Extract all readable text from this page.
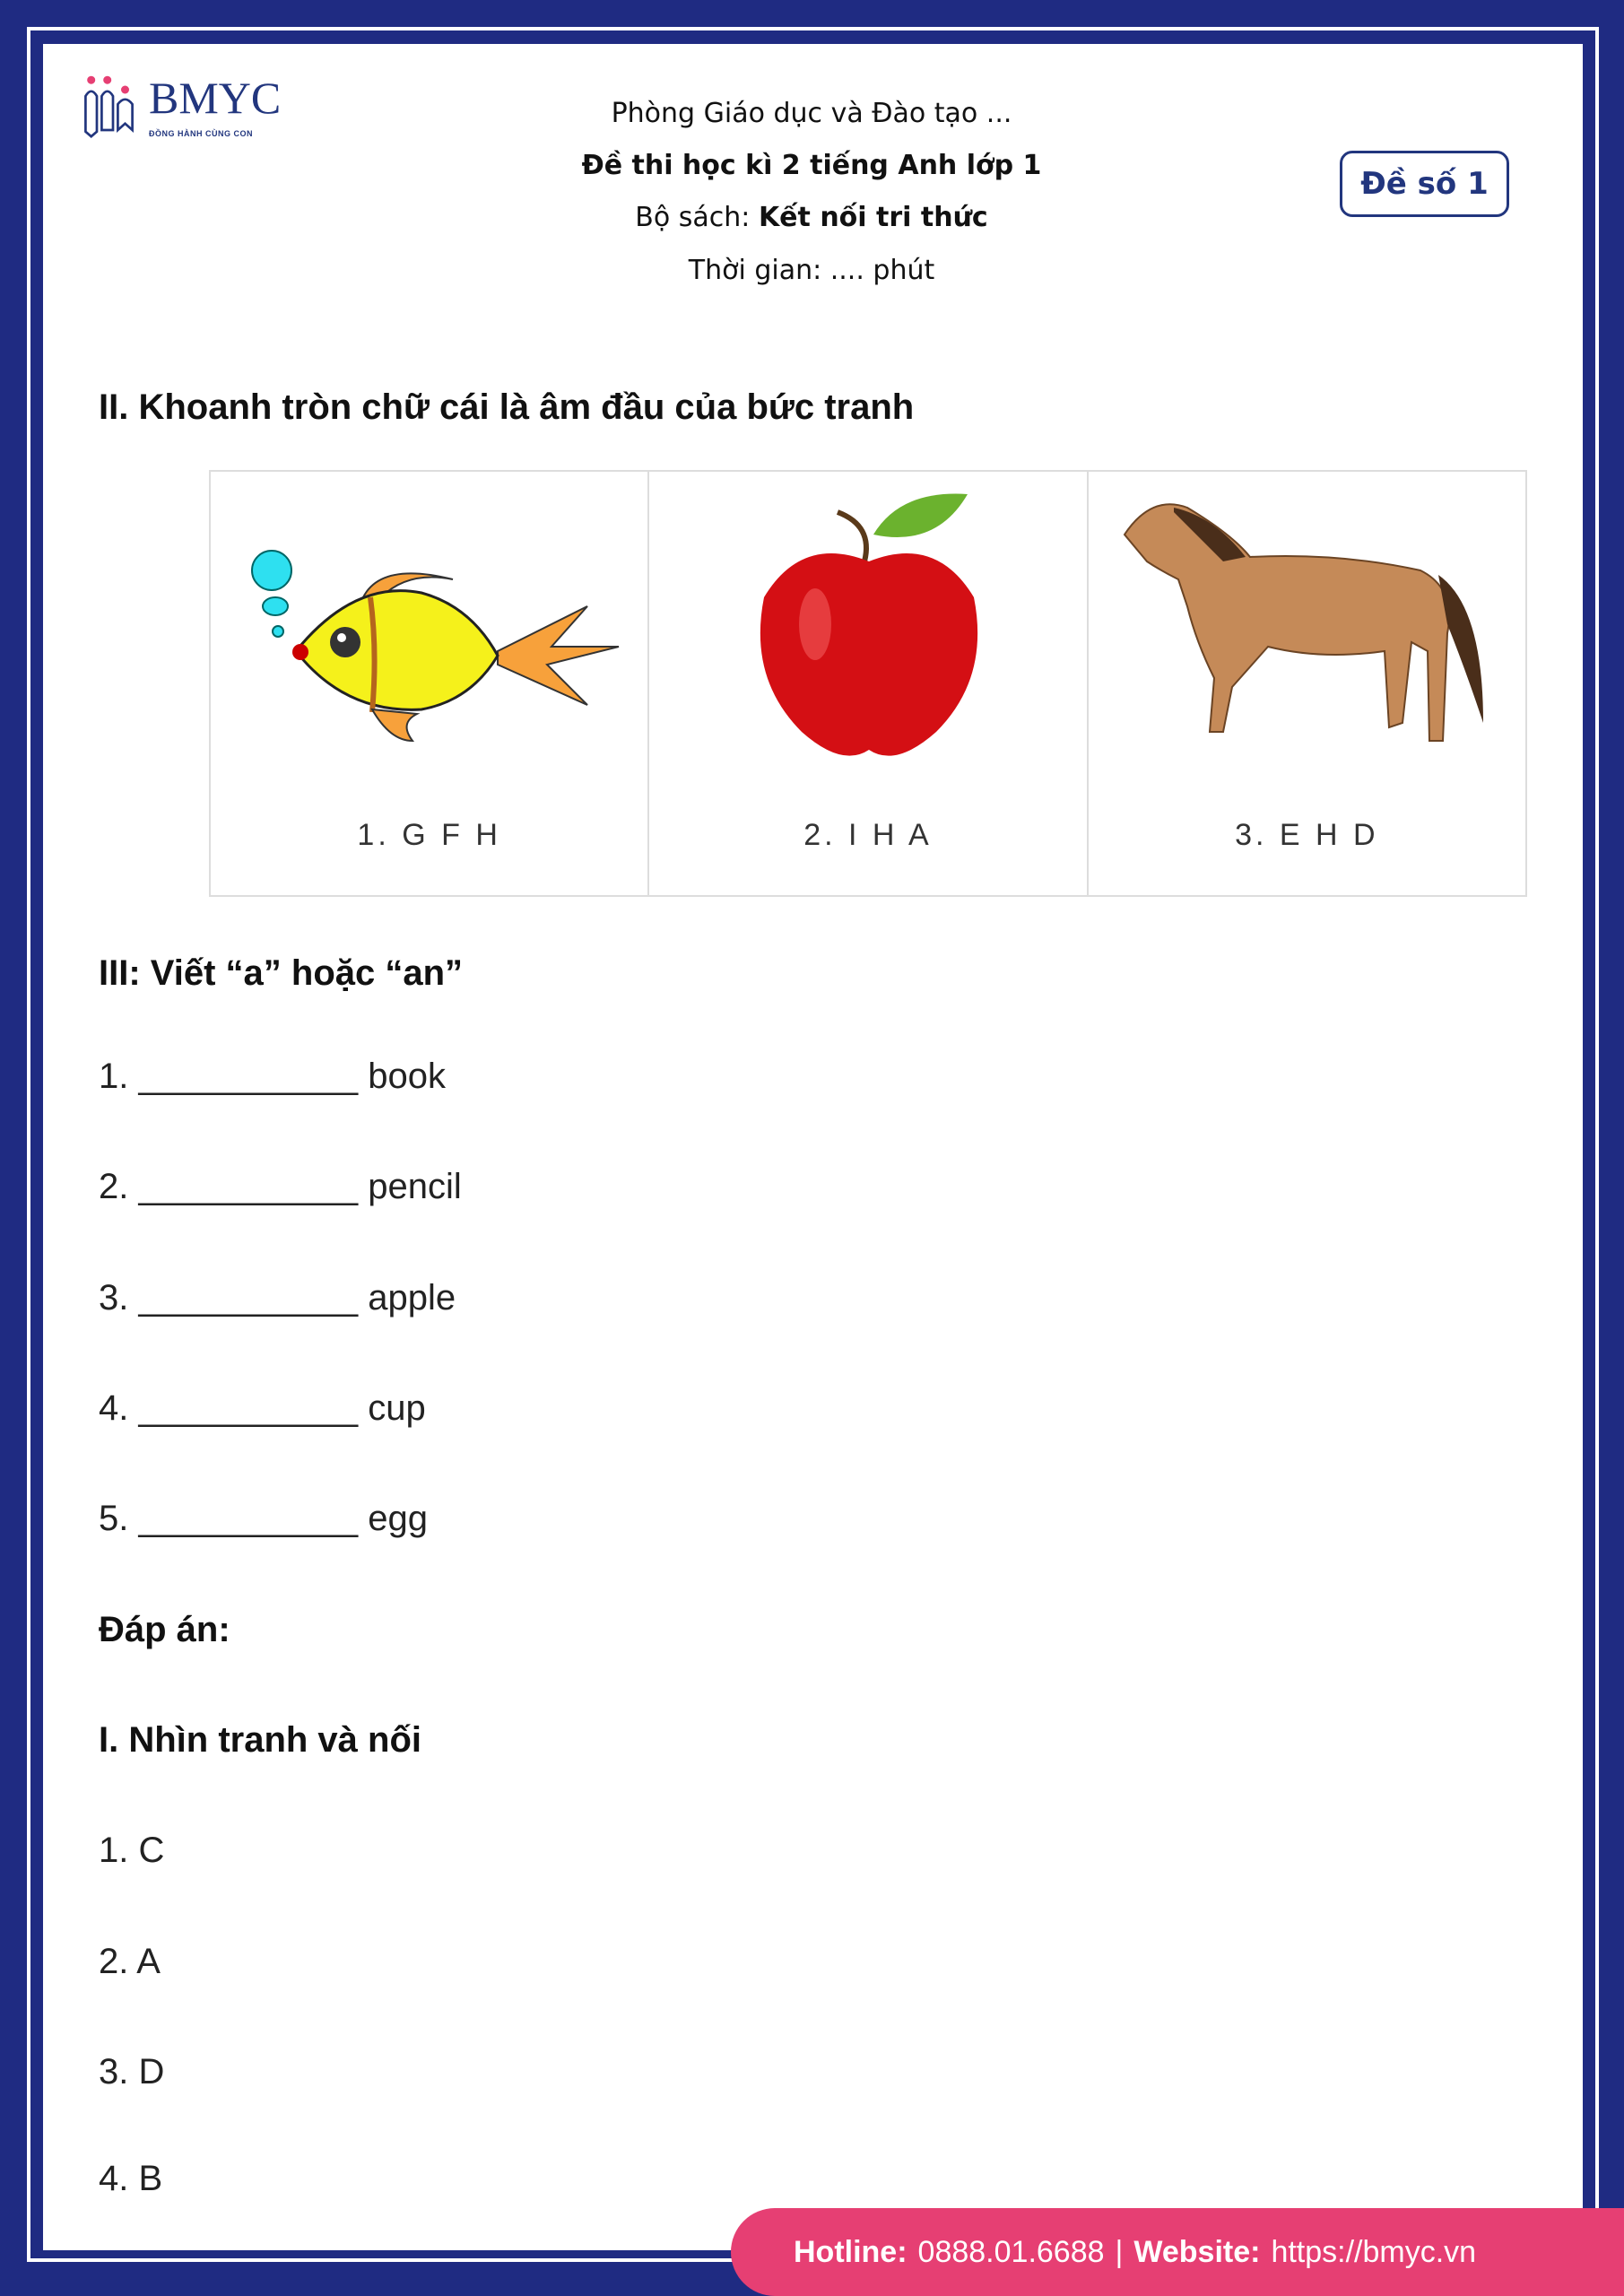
BMYC
ĐỒNG HÀNH CÙNG CON
Phòng Giáo dục và Đào tạo ...
Đề thi học kì 2 tiếng Anh lớp 1
Bộ sách: Kết nối tri thức
Thời gian: .... phút
Đề số 1
II. Khoanh tròn chữ cái là âm đầu của bức tranh
1. G F H	2. I H A	3. E H D
III: Viết “a” hoặc “an”
1. ___________ book
2. ___________ pencil
3. ___________ apple
4. ___________ cup
5. ___________ egg
Đáp án:
I. Nhìn tranh và nối
1. C
2. A
3. D
4. B
Hotline: 0888.01.6688 | Website: https://bmyc.vn
